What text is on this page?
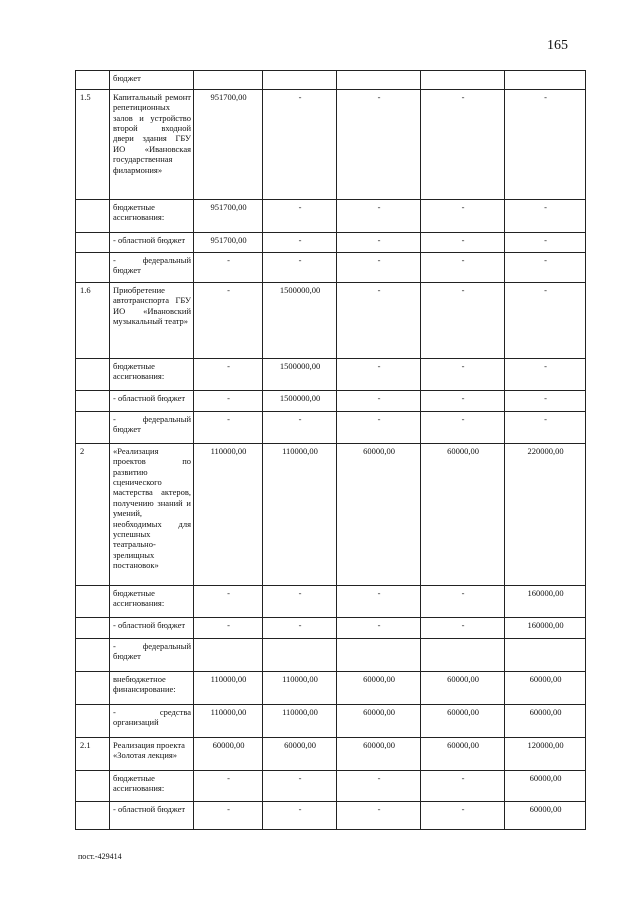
165
	бюджет					
1.5	Капитальный ремонт репетиционных залов и устройство второй входной двери здания ГБУ ИО «Ивановская государственная филармония»	951700,00	-	-	-	-
	бюджетные ассигнования:	951700,00	-	-	-	-
	- областной бюджет	951700,00	-	-	-	-
	- федеральный бюджет	-	-	-	-	-
1.6	Приобретение автотранспорта ГБУ ИО «Ивановский музыкальный театр»	-	1500000,00	-	-	-
	бюджетные ассигнования:	-	1500000,00	-	-	-
	- областной бюджет	-	1500000,00	-	-	-
	- федеральный бюджет	-	-	-	-	-
2	«Реализация проектов по развитию сценического мастерства актеров, получению знаний и умений, необходимых для успешных театрально-зрелищных постановок»	110000,00	110000,00	60000,00	60000,00	220000,00
	бюджетные ассигнования:	-	-	-	-	160000,00
	- областной бюджет	-	-	-	-	160000,00
	- федеральный бюджет					
	внебюджетное финансирование:	110000,00	110000,00	60000,00	60000,00	60000,00
	- средства организаций	110000,00	110000,00	60000,00	60000,00	60000,00
2.1	Реализация проекта «Золотая лекция»	60000,00	60000,00	60000,00	60000,00	120000,00
	бюджетные ассигнования:	-	-	-	-	60000,00
	- областной бюджет	-	-	-	-	60000,00
пост.-429414
